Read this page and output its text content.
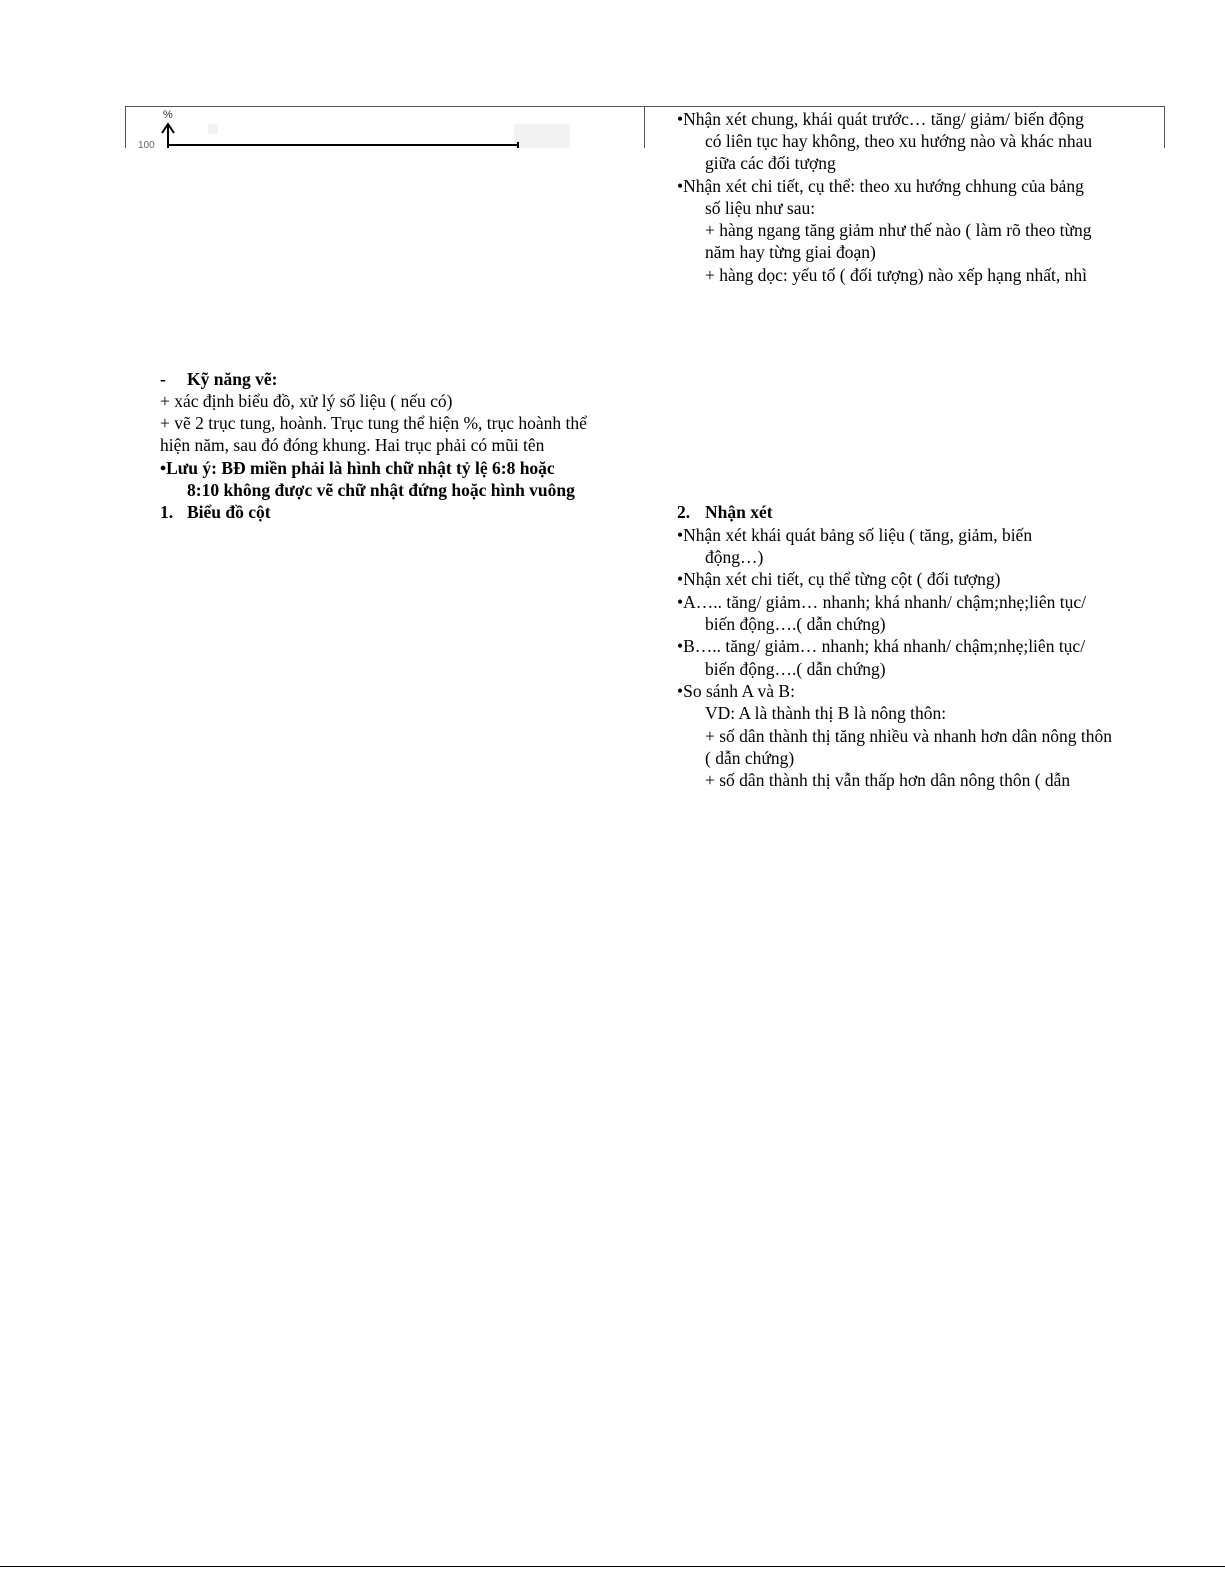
%
100
•Nhận xét chung, khái quát trước… tăng/ giảm/ biến động
có liên tục hay không, theo xu hướng nào và khác nhau
giữa các đối tượng
•Nhận xét chi tiết, cụ thể: theo xu hướng chhung của bảng
số liệu như sau:
+ hàng ngang tăng giảm như thế nào ( làm rõ theo từng
năm hay từng giai đoạn)
+ hàng dọc: yếu tố ( đối tượng) nào xếp hạng nhất, nhì
- Kỹ năng vẽ:
+ xác định biểu đồ, xử lý số liệu ( nếu có)
+ vẽ 2 trục tung, hoành. Trục tung thể hiện %, trục hoành thể
hiện năm, sau đó đóng khung. Hai trục phải có mũi tên
•Lưu ý: BĐ miền phải là hình chữ nhật tỷ lệ 6:8 hoặc
8:10 không được vẽ chữ nhật đứng hoặc hình vuông
1. Biểu đồ cột	2. Nhận xét
•Nhận xét khái quát bảng số liệu ( tăng, giảm, biến
động…)
•Nhận xét chi tiết, cụ thể từng cột ( đối tượng)
•A….. tăng/ giảm… nhanh; khá nhanh/ chậm;nhẹ;liên tục/
biến động….( dẫn chứng)
•B….. tăng/ giảm… nhanh; khá nhanh/ chậm;nhẹ;liên tục/
biến động….( dẫn chứng)
•So sánh A và B:
VD: A là thành thị B là nông thôn:
+ số dân thành thị tăng nhiều và nhanh hơn dân nông thôn
( dẫn chứng)
+ số dân thành thị vẫn thấp hơn dân nông thôn ( dẫn
